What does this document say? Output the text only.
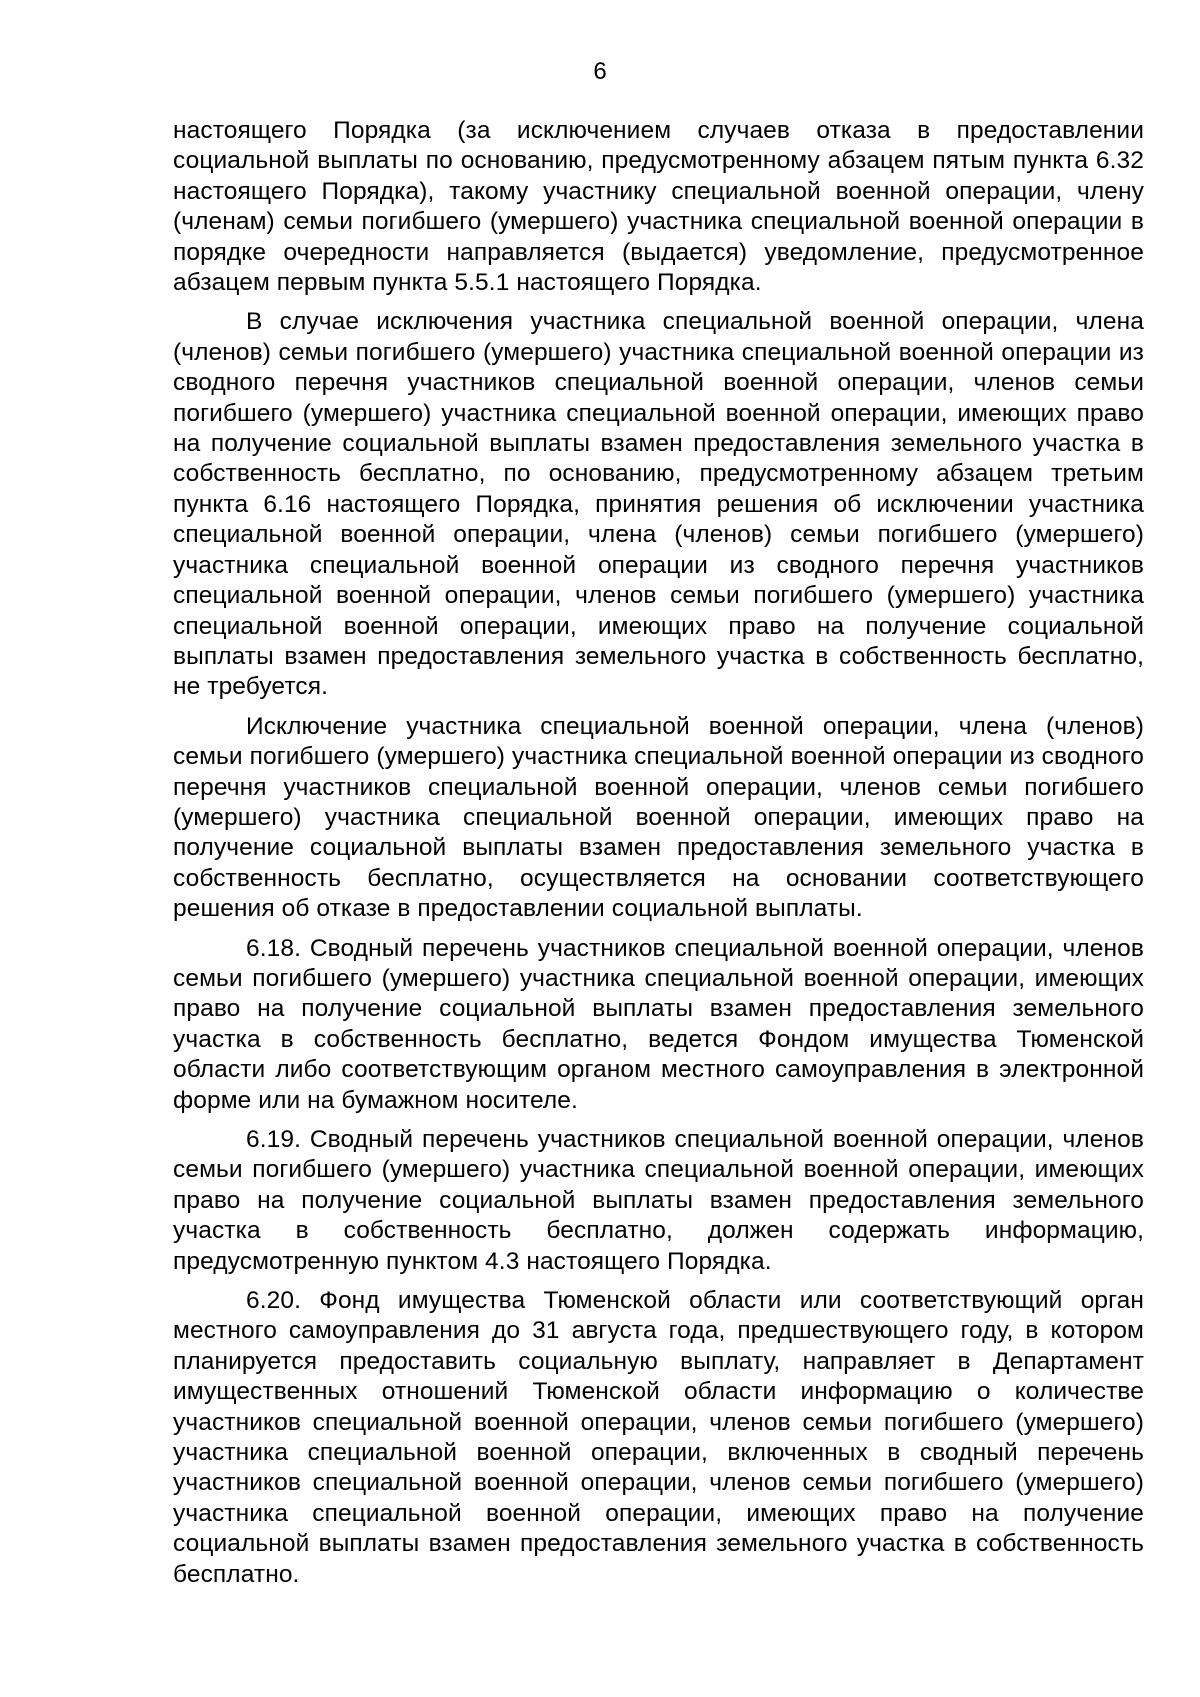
6

настоящего Порядка (за исключением случаев отказа в предоставлении социальной выплаты по основанию, предусмотренному абзацем пятым пункта 6.32 настоящего Порядка), такому участнику специальной военной операции, члену (членам) семьи погибшего (умершего) участника специальной военной операции в порядке очередности направляется (выдается) уведомление, предусмотренное абзацем первым пункта 5.5.1 настоящего Порядка.

В случае исключения участника специальной военной операции, члена (членов) семьи погибшего (умершего) участника специальной военной операции из сводного перечня участников специальной военной операции, членов семьи погибшего (умершего) участника специальной военной операции, имеющих право на получение социальной выплаты взамен предоставления земельного участка в собственность бесплатно, по основанию, предусмотренному абзацем третьим пункта 6.16 настоящего Порядка, принятия решения об исключении участника специальной военной операции, члена (членов) семьи погибшего (умершего) участника специальной военной операции из сводного перечня участников специальной военной операции, членов семьи погибшего (умершего) участника специальной военной операции, имеющих право на получение социальной выплаты взамен предоставления земельного участка в собственность бесплатно, не требуется.

Исключение участника специальной военной операции, члена (членов) семьи погибшего (умершего) участника специальной военной операции из сводного перечня участников специальной военной операции, членов семьи погибшего (умершего) участника специальной военной операции, имеющих право на получение социальной выплаты взамен предоставления земельного участка в собственность бесплатно, осуществляется на основании соответствующего решения об отказе в предоставлении социальной выплаты.

6.18. Сводный перечень участников специальной военной операции, членов семьи погибшего (умершего) участника специальной военной операции, имеющих право на получение социальной выплаты взамен предоставления земельного участка в собственность бесплатно, ведется Фондом имущества Тюменской области либо соответствующим органом местного самоуправления в электронной форме или на бумажном носителе.

6.19. Сводный перечень участников специальной военной операции, членов семьи погибшего (умершего) участника специальной военной операции, имеющих право на получение социальной выплаты взамен предоставления земельного участка в собственность бесплатно, должен содержать информацию, предусмотренную пунктом 4.3 настоящего Порядка.

6.20. Фонд имущества Тюменской области или соответствующий орган местного самоуправления до 31 августа года, предшествующего году, в котором планируется предоставить социальную выплату, направляет в Департамент имущественных отношений Тюменской области информацию о количестве участников специальной военной операции, членов семьи погибшего (умершего) участника специальной военной операции, включенных в сводный перечень участников специальной военной операции, членов семьи погибшего (умершего) участника специальной военной операции, имеющих право на получение социальной выплаты взамен предоставления земельного участка в собственность бесплатно.
